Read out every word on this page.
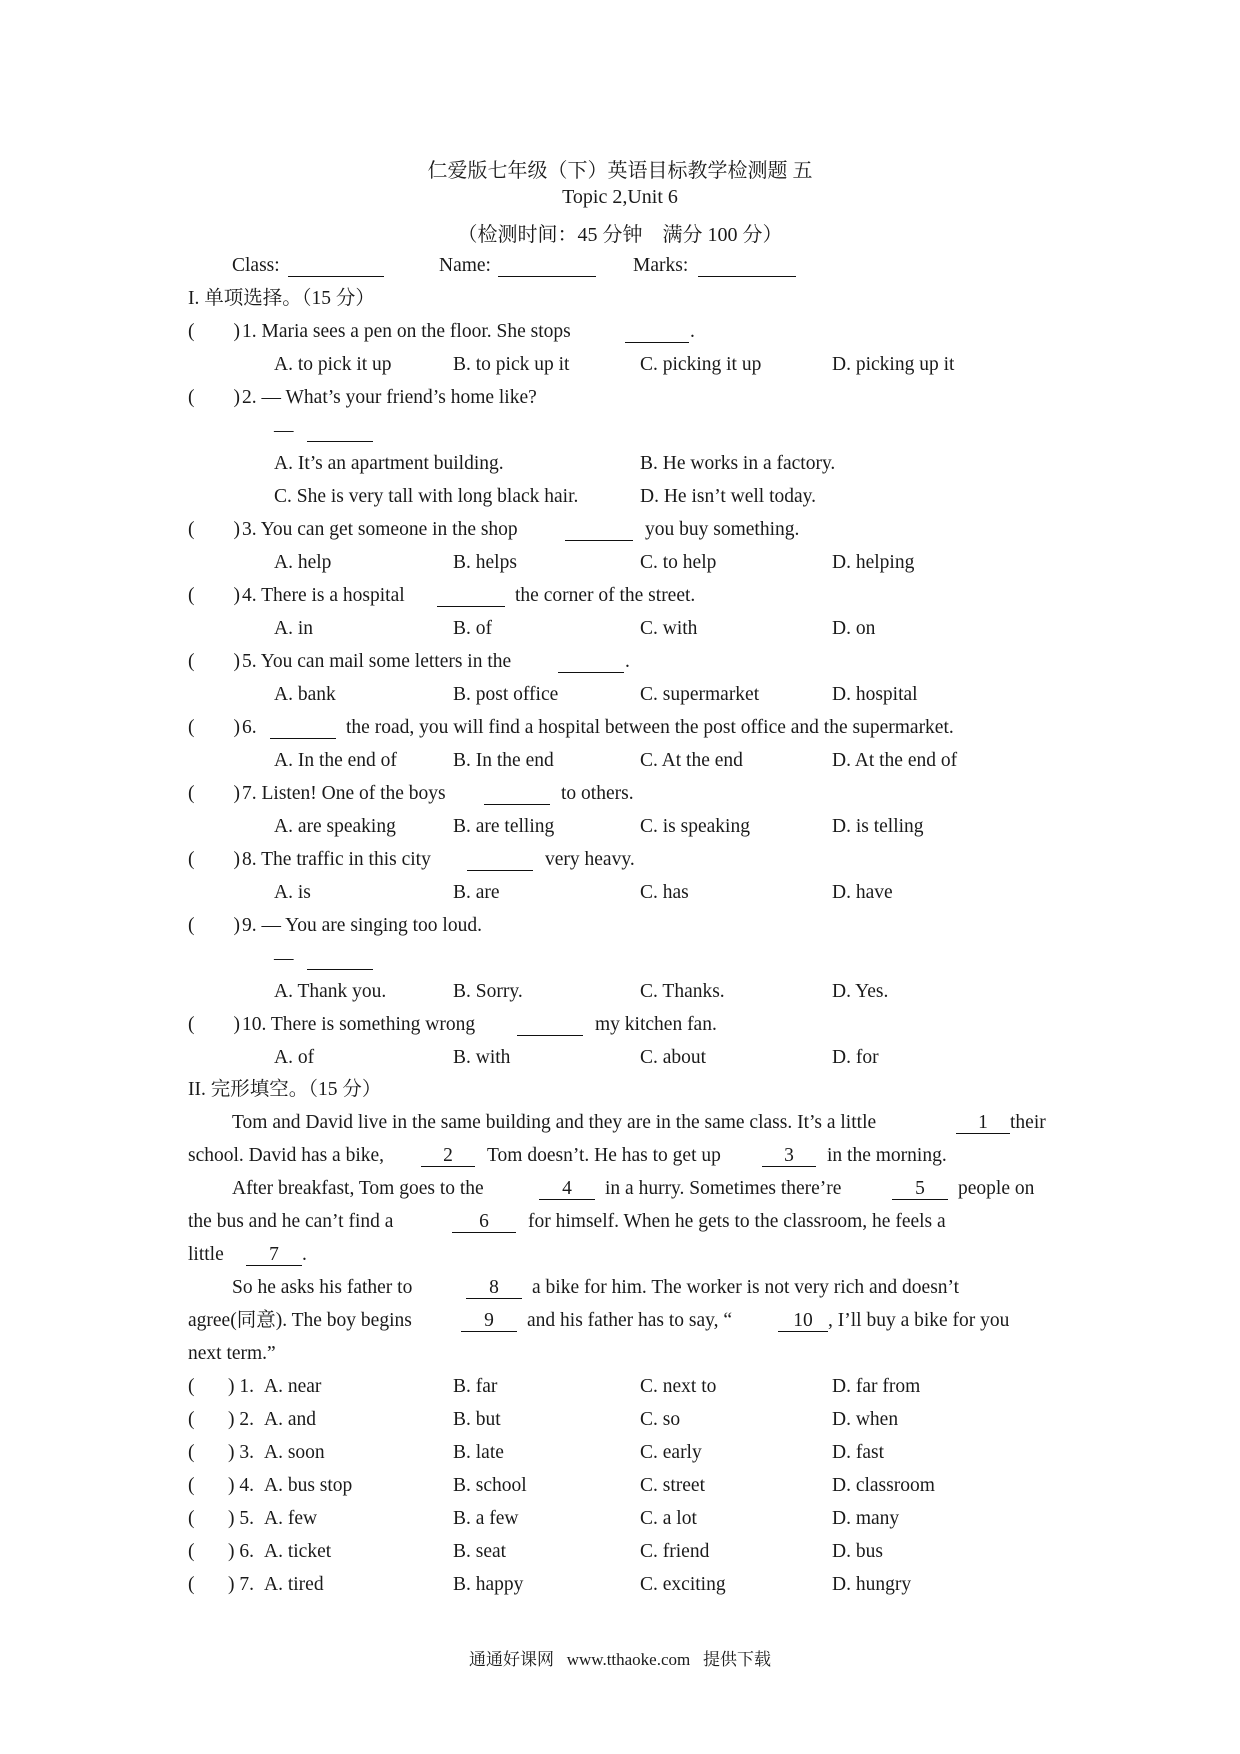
仁爱版七年级（下）英语目标教学检测题 五
Topic 2,Unit 6
（检测时间：45 分钟　满分 100 分）
Class:	Name:	Marks:
I. 单项选择。（15 分）
(　　) 1. Maria sees a pen on the floor. She stops	.
A. to pick it up	B. to pick up it	C. picking it up	D. picking up it
(　　) 2. — What’s your friend’s home like?
—
A. It’s an apartment building.	B. He works in a factory.
C. She is very tall with long black hair.	D. He isn’t well today.
(　　) 3. You can get someone in the shop	you buy something.
A. help	B. helps	C. to help	D. helping
(　　) 4. There is a hospital	the corner of the street.
A. in	B. of	C. with	D. on
(　　) 5. You can mail some letters in the	.
A. bank	B. post office	C. supermarket	D. hospital
(　　) 6.	the road, you will find a hospital between the post office and the supermarket.
A. In the end of	B. In the end	C. At the end	D. At the end of
(　　) 7. Listen! One of the boys	to others.
A. are speaking	B. are telling	C. is speaking	D. is telling
(　　) 8. The traffic in this city	very heavy.
A. is	B. are	C. has	D. have
(　　) 9. — You are singing too loud.
—
A. Thank you.	B. Sorry.	C. Thanks.	D. Yes.
(　　) 10. There is something wrong	my kitchen fan.
A. of	B. with	C. about	D. for
II. 完形填空。（15 分）
Tom and David live in the same building and they are in the same class. It’s a little	1	their
school. David has a bike,	2	Tom doesn’t. He has to get up	3	in the morning.
After breakfast, Tom goes to the	4	in a hurry. Sometimes there’re	5	people on
the bus and he can’t find a	6	for himself. When he gets to the classroom, he feels a
little	7	.
So he asks his father to	8	a bike for him. The worker is not very rich and doesn’t
agree(同意). The boy begins	9	and his father has to say, “	10 , I’ll buy a bike for you
next term.”
( ) 1. A. near	B. far	C. next to	D. far from
( ) 2. A. and	B. but	C. so	D. when
( ) 3. A. soon	B. late	C. early	D. fast
( ) 4. A. bus stop	B. school	C. street	D. classroom
( ) 5. A. few	B. a few	C. a lot	D. many
( ) 6. A. ticket	B. seat	C. friend	D. bus
( ) 7. A. tired	B. happy	C. exciting	D. hungry
通通好课网 www.tthaoke.com 提供下载
